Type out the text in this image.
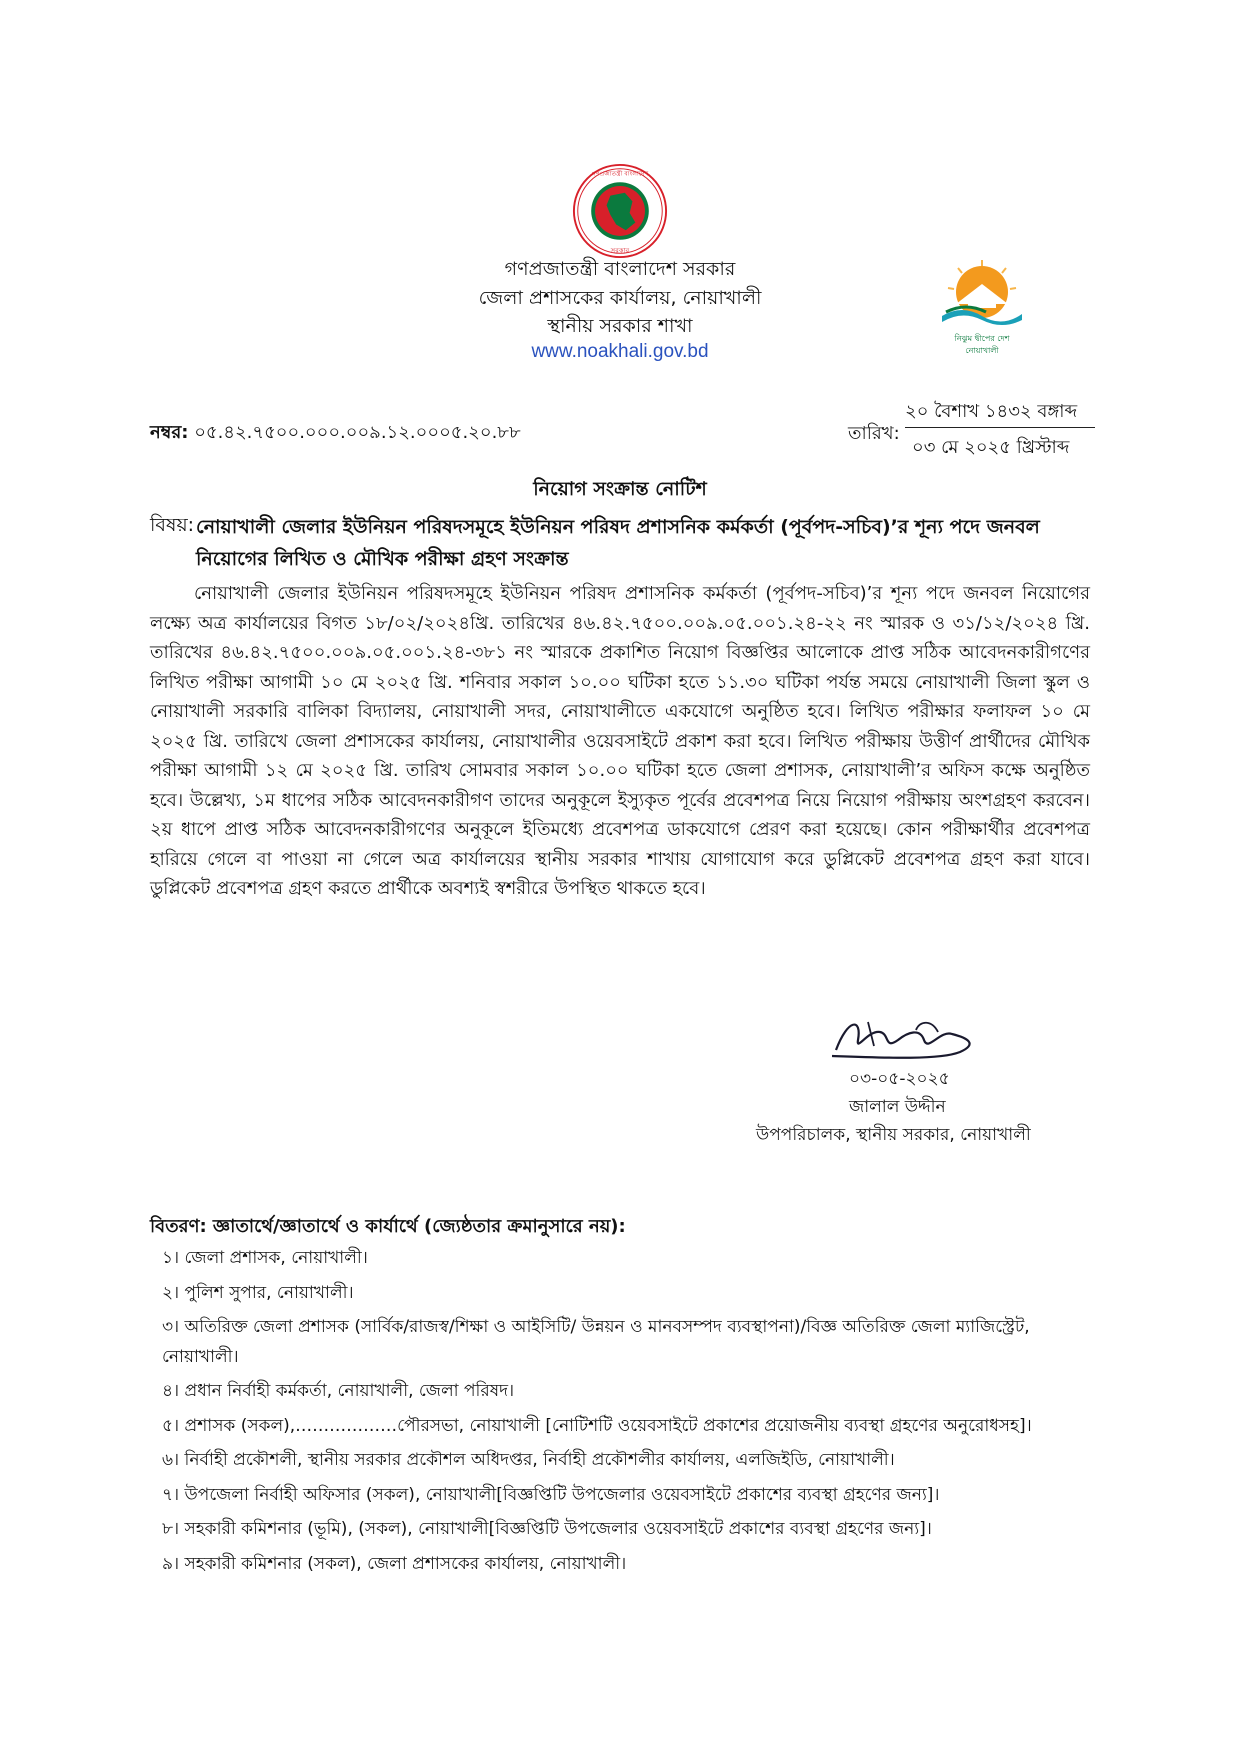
গণপ্রজাতন্ত্রী বাংলাদেশ
সরকার
নিঝুম দ্বীপের দেশ
নোয়াখালী
গণপ্রজাতন্ত্রী বাংলাদেশ সরকার
জেলা প্রশাসকের কার্যালয়, নোয়াখালী
স্থানীয় সরকার শাখা
www.noakhali.gov.bd
নম্বর: ০৫.৪২.৭৫০০.০০০.০০৯.১২.০০০৫.২০.৮৮	তারিখ:
২০ বৈশাখ ১৪৩২ বঙ্গাব্দ
০৩ মে ২০২৫ খ্রিস্টাব্দ
নিয়োগ সংক্রান্ত নোটিশ
বিষয়: নোয়াখালী জেলার ইউনিয়ন পরিষদসমূহে ইউনিয়ন পরিষদ প্রশাসনিক কর্মকর্তা (পূর্বপদ-সচিব)’র শূন্য পদে জনবল নিয়োগের লিখিত ও মৌখিক পরীক্ষা গ্রহণ সংক্রান্ত
নোয়াখালী জেলার ইউনিয়ন পরিষদসমূহে ইউনিয়ন পরিষদ প্রশাসনিক কর্মকর্তা (পূর্বপদ-সচিব)’র শূন্য পদে জনবল নিয়োগের লক্ষ্যে অত্র কার্যালয়ের বিগত ১৮/০২/২০২৪খ্রি. তারিখের ৪৬.৪২.৭৫০০.০০৯.০৫.০০১.২৪-২২ নং স্মারক ও ৩১/১২/২০২৪ খ্রি. তারিখের ৪৬.৪২.৭৫০০.০০৯.০৫.০০১.২৪-৩৮১ নং স্মারকে প্রকাশিত নিয়োগ বিজ্ঞপ্তির আলোকে প্রাপ্ত সঠিক আবেদনকারীগণের লিখিত পরীক্ষা আগামী ১০ মে ২০২৫ খ্রি. শনিবার সকাল ১০.০০ ঘটিকা হতে ১১.৩০ ঘটিকা পর্যন্ত সময়ে নোয়াখালী জিলা স্কুল ও নোয়াখালী সরকারি বালিকা বিদ্যালয়, নোয়াখালী সদর, নোয়াখালীতে একযোগে অনুষ্ঠিত হবে। লিখিত পরীক্ষার ফলাফল ১০ মে ২০২৫ খ্রি. তারিখে জেলা প্রশাসকের কার্যালয়, নোয়াখালীর ওয়েবসাইটে প্রকাশ করা হবে। লিখিত পরীক্ষায় উত্তীর্ণ প্রার্থীদের মৌখিক পরীক্ষা আগামী ১২ মে ২০২৫ খ্রি. তারিখ সোমবার সকাল ১০.০০ ঘটিকা হতে জেলা প্রশাসক, নোয়াখালী’র অফিস কক্ষে অনুষ্ঠিত হবে। উল্লেখ্য, ১ম ধাপের সঠিক আবেদনকারীগণ তাদের অনুকূলে ইস্যুকৃত পূর্বের প্রবেশপত্র নিয়ে নিয়োগ পরীক্ষায় অংশগ্রহণ করবেন। ২য় ধাপে প্রাপ্ত সঠিক আবেদনকারীগণের অনুকূলে ইতিমধ্যে প্রবেশপত্র ডাকযোগে প্রেরণ করা হয়েছে। কোন পরীক্ষার্থীর প্রবেশপত্র হারিয়ে গেলে বা পাওয়া না গেলে অত্র কার্যালয়ের স্থানীয় সরকার শাখায় যোগাযোগ করে ডুপ্লিকেট প্রবেশপত্র গ্রহণ করা যাবে। ডুপ্লিকেট প্রবেশপত্র গ্রহণ করতে প্রার্থীকে অবশ্যই স্বশরীরে উপস্থিত থাকতে হবে।
০৩-০৫-২০২৫
জালাল উদ্দীন
উপপরিচালক, স্থানীয় সরকার, নোয়াখালী
বিতরণ: জ্ঞাতার্থে/জ্ঞাতার্থে ও কার্যার্থে (জ্যেষ্ঠতার ক্রমানুসারে নয়):
১। জেলা প্রশাসক, নোয়াখালী।
২। পুলিশ সুপার, নোয়াখালী।
৩। অতিরিক্ত জেলা প্রশাসক (সার্বিক/রাজস্ব/শিক্ষা ও আইসিটি/ উন্নয়ন ও মানবসম্পদ ব্যবস্থাপনা)/বিজ্ঞ অতিরিক্ত জেলা ম্যাজিস্ট্রেট, নোয়াখালী।
৪। প্রধান নির্বাহী কর্মকর্তা, নোয়াখালী, জেলা পরিষদ।
৫। প্রশাসক (সকল),………………পৌরসভা, নোয়াখালী [নোটিশটি ওয়েবসাইটে প্রকাশের প্রয়োজনীয় ব্যবস্থা গ্রহণের অনুরোধসহ]।
৬। নির্বাহী প্রকৌশলী, স্থানীয় সরকার প্রকৌশল অধিদপ্তর, নির্বাহী প্রকৌশলীর কার্যালয়, এলজিইডি, নোয়াখালী।
৭। উপজেলা নির্বাহী অফিসার (সকল), নোয়াখালী[বিজ্ঞপ্তিটি উপজেলার ওয়েবসাইটে প্রকাশের ব্যবস্থা গ্রহণের জন্য]।
৮। সহকারী কমিশনার (ভূমি), (সকল), নোয়াখালী[বিজ্ঞপ্তিটি উপজেলার ওয়েবসাইটে প্রকাশের ব্যবস্থা গ্রহণের জন্য]।
৯। সহকারী কমিশনার (সকল), জেলা প্রশাসকের কার্যালয়, নোয়াখালী।
